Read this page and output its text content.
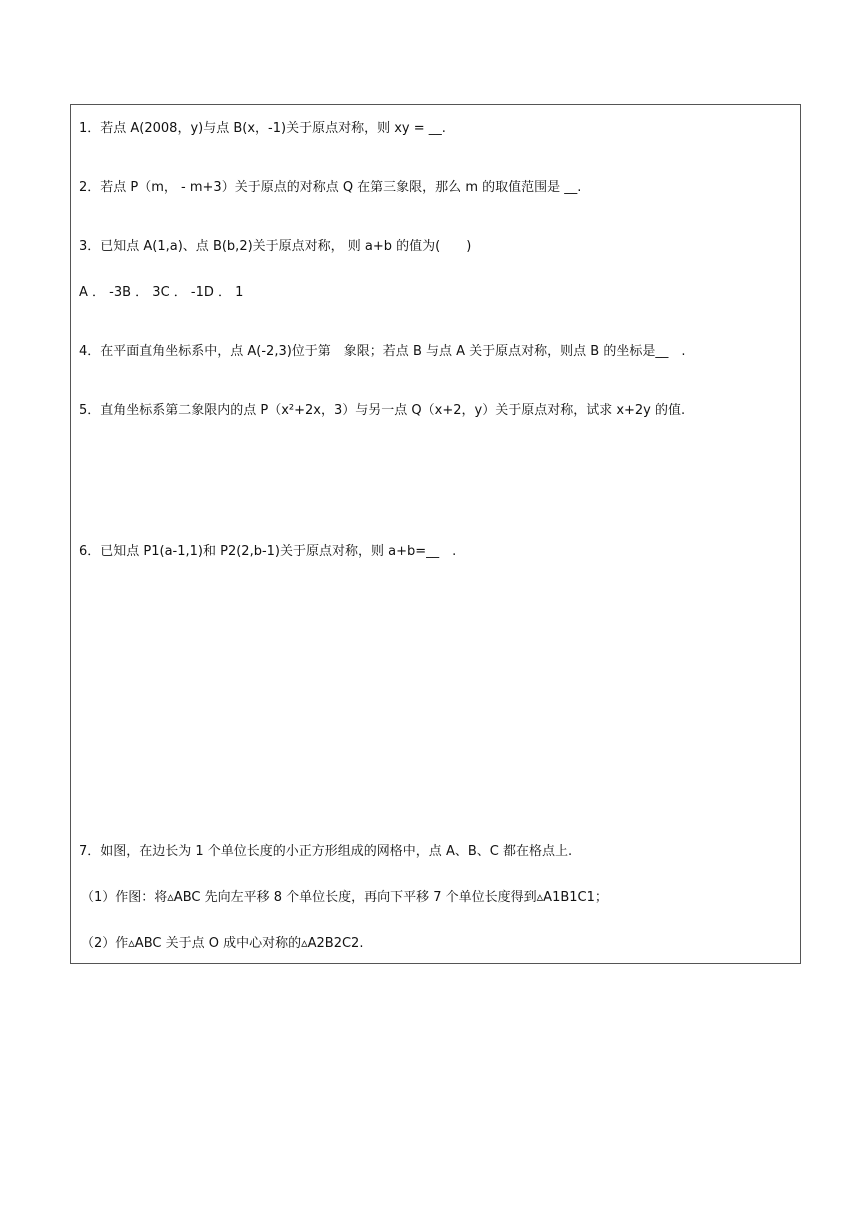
1．若点 A(2008，y)与点 B(x，-1)关于原点对称，则 xy = __.
2．若点 P（m， - m+3）关于原点的对称点 Q 在第三象限，那么 m 的取值范围是 __.
3．已知点 A(1,a)、点 B(b,2)关于原点对称， 则 a+b 的值为(　　)
A ． -3B ． 3C ． -1D ． 1
4．在平面直角坐标系中，点 A(-2,3)位于第　象限；若点 B 与点 A 关于原点对称，则点 B 的坐标是__　.
5．直角坐标系第二象限内的点 P（x²+2x，3）与另一点 Q（x+2，y）关于原点对称，试求 x+2y 的值.
6．已知点 P1(a-1,1)和 P2(2,b-1)关于原点对称，则 a+b=__　.
7．如图，在边长为 1 个单位长度的小正方形组成的网格中，点 A、B、C 都在格点上.
（1）作图：将▵ABC 先向左平移 8 个单位长度，再向下平移 7 个单位长度得到▵A1B1C1；
（2）作▵ABC 关于点 O 成中心对称的▵A2B2C2.
